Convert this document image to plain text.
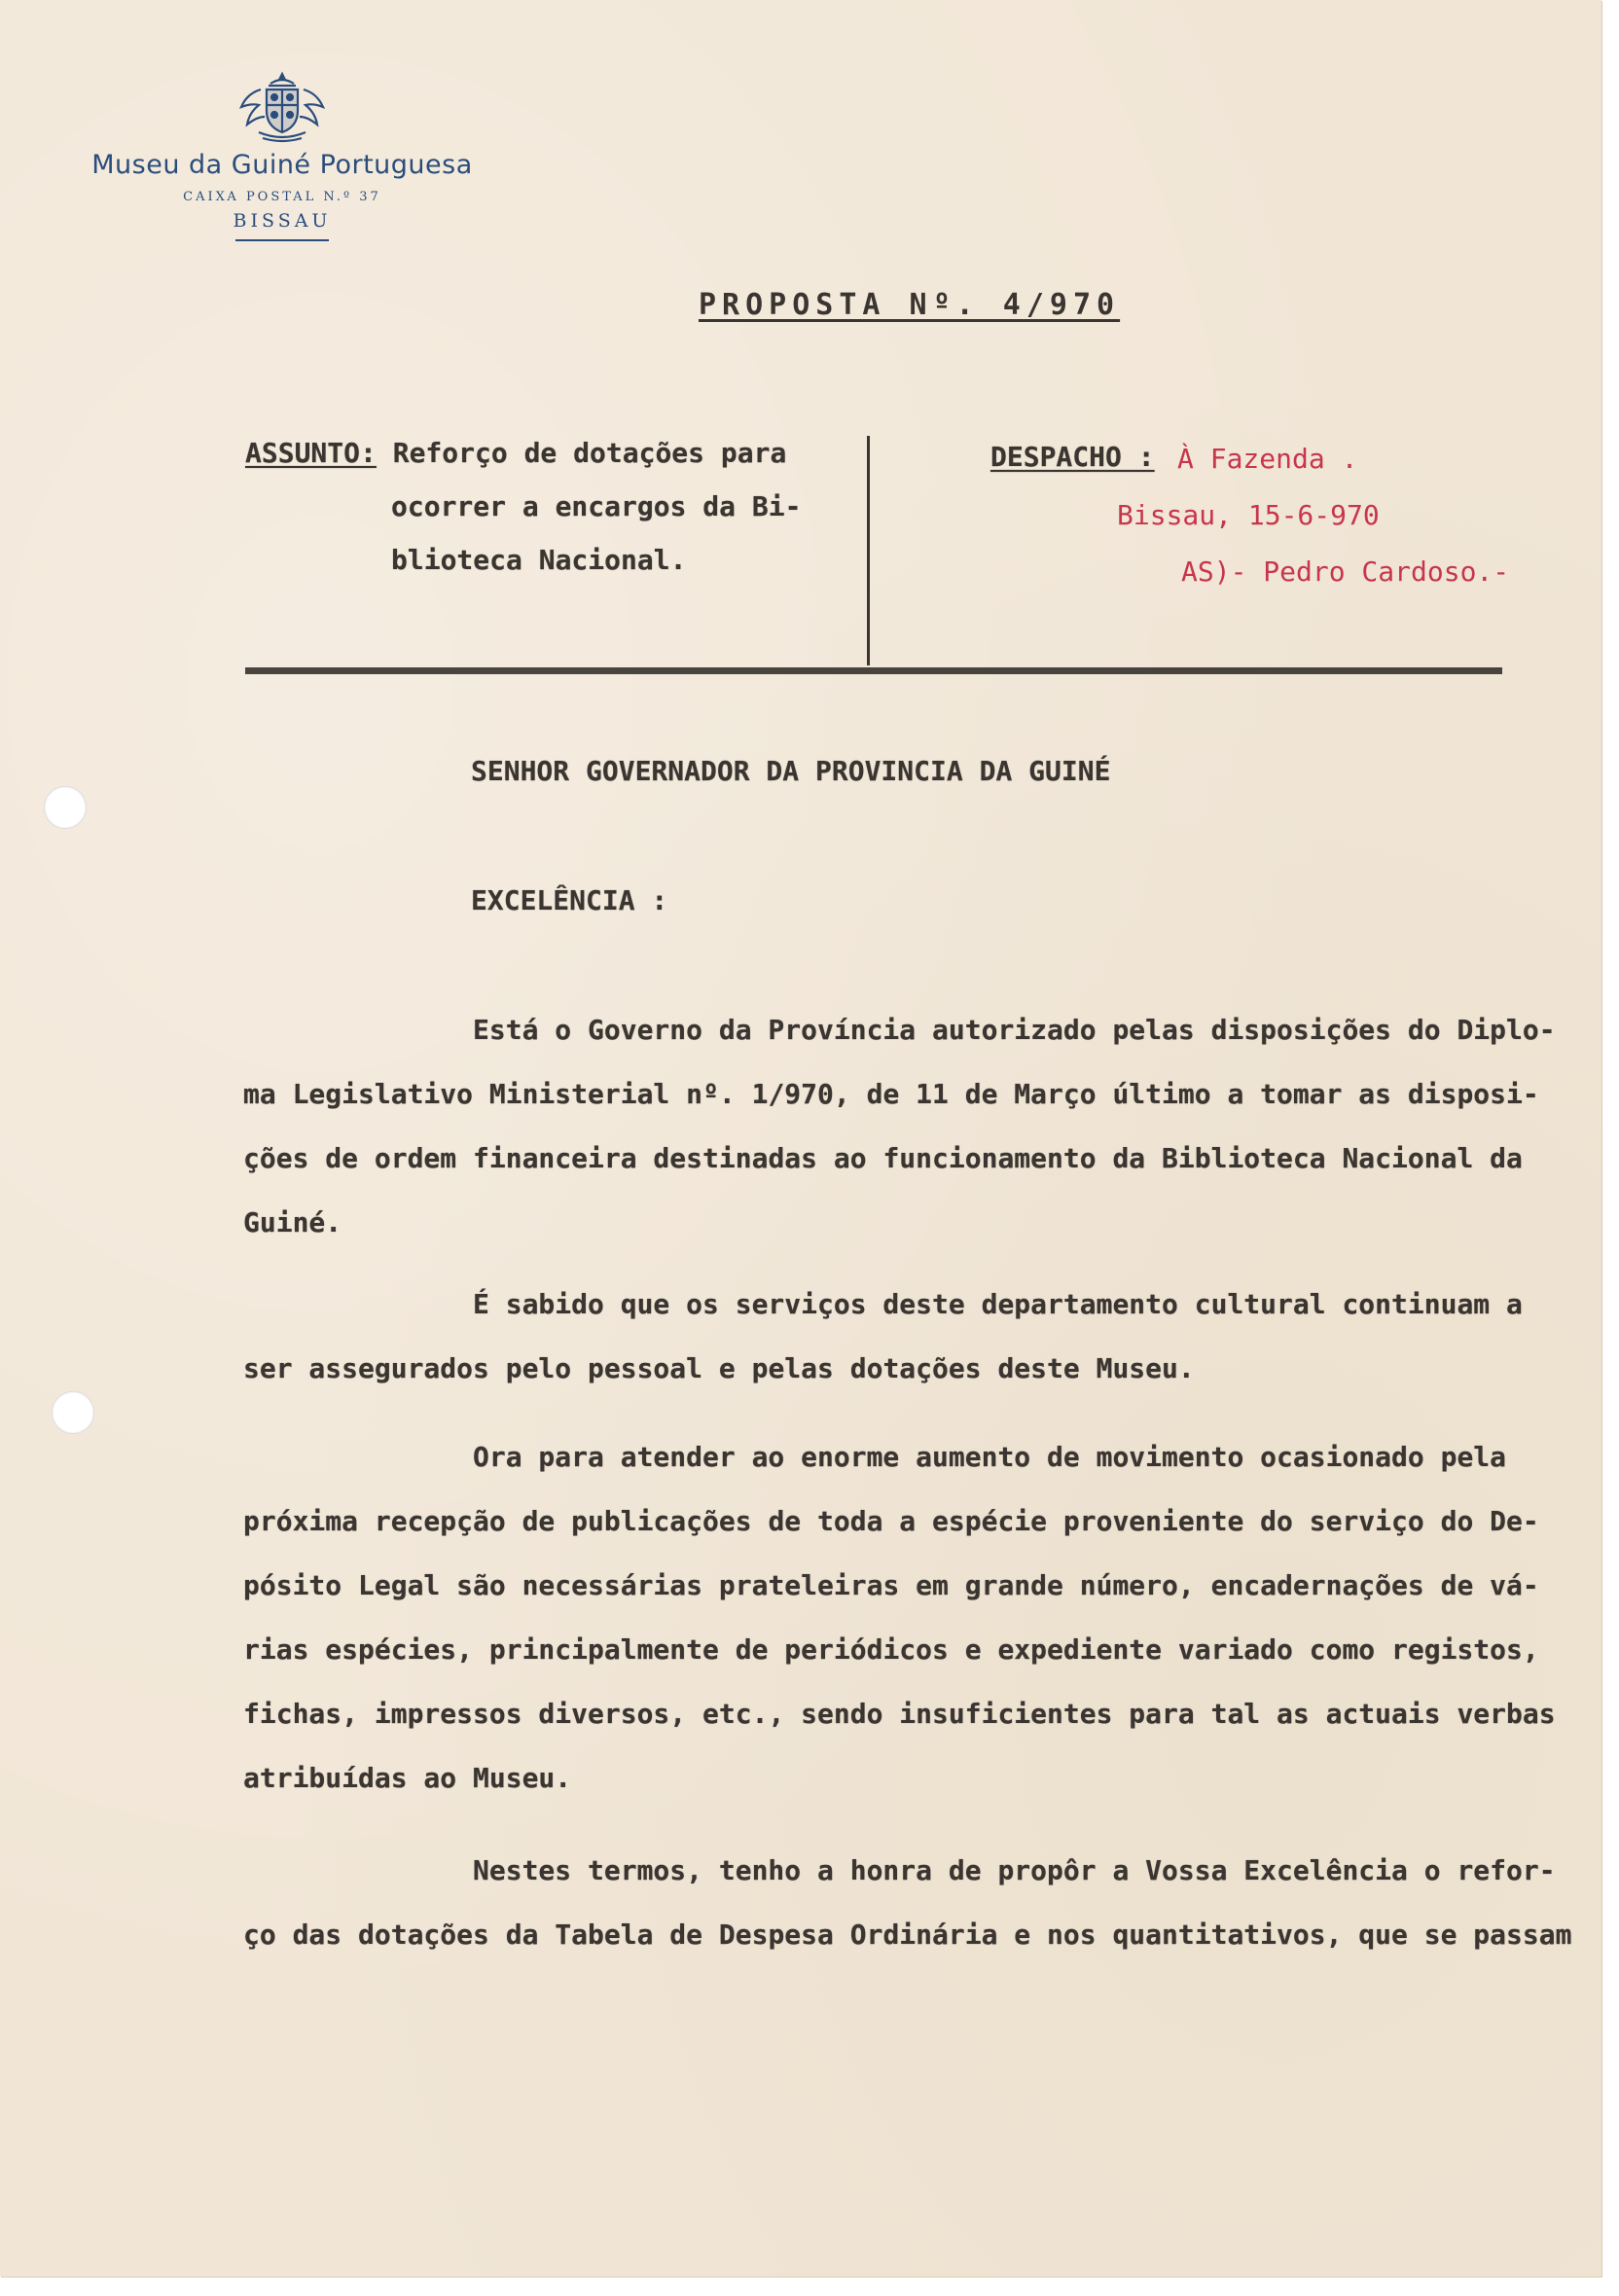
Museu da Guiné Portuguesa
CAIXA POSTAL N.º 37
BISSAU
PROPOSTA Nº. 4/970
ASSUNTO: Reforço de dotações para
ocorrer a encargos da Bi-
blioteca Nacional.
DESPACHO : À Fazenda .
Bissau, 15-6-970
AS)- Pedro Cardoso.-
SENHOR GOVERNADOR DA PROVINCIA DA GUINÉ
EXCELÊNCIA :
Está o Governo da Província autorizado pelas disposições do Diplo-
ma Legislativo Ministerial nº. 1/970, de 11 de Março último a tomar as disposi-
ções de ordem financeira destinadas ao funcionamento da Biblioteca Nacional da
Guiné.
É sabido que os serviços deste departamento cultural continuam a
ser assegurados pelo pessoal e pelas dotações deste Museu.
Ora para atender ao enorme aumento de movimento ocasionado pela
próxima recepção de publicações de toda a espécie proveniente do serviço do De-
pósito Legal são necessárias prateleiras em grande número, encadernações de vá-
rias espécies, principalmente de periódicos e expediente variado como registos,
fichas, impressos diversos, etc., sendo insuficientes para tal as actuais verbas
atribuídas ao Museu.
Nestes termos, tenho a honra de propôr a Vossa Excelência o refor-
ço das dotações da Tabela de Despesa Ordinária e nos quantitativos, que se passam
